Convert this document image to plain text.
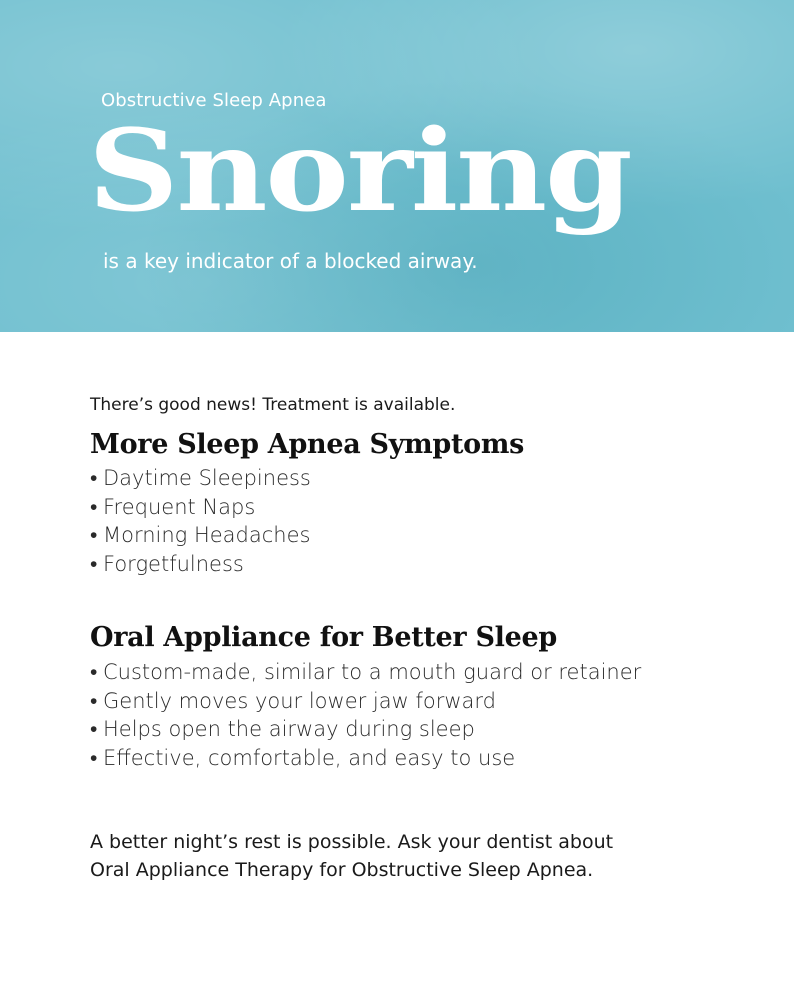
Obstructive Sleep Apnea
Snoring
is a key indicator of a blocked airway.

There’s good news! Treatment is available.

More Sleep Apnea Symptoms
• Daytime Sleepiness
• Frequent Naps
• Morning Headaches
• Forgetfulness
Oral Appliance for Better Sleep
• Custom-made, similar to a mouth guard or retainer
• Gently moves your lower jaw forward
• Helps open the airway during sleep
• Effective, comfortable, and easy to use
A better night’s rest is possible. Ask your dentist about
Oral Appliance Therapy for Obstructive Sleep Apnea.
